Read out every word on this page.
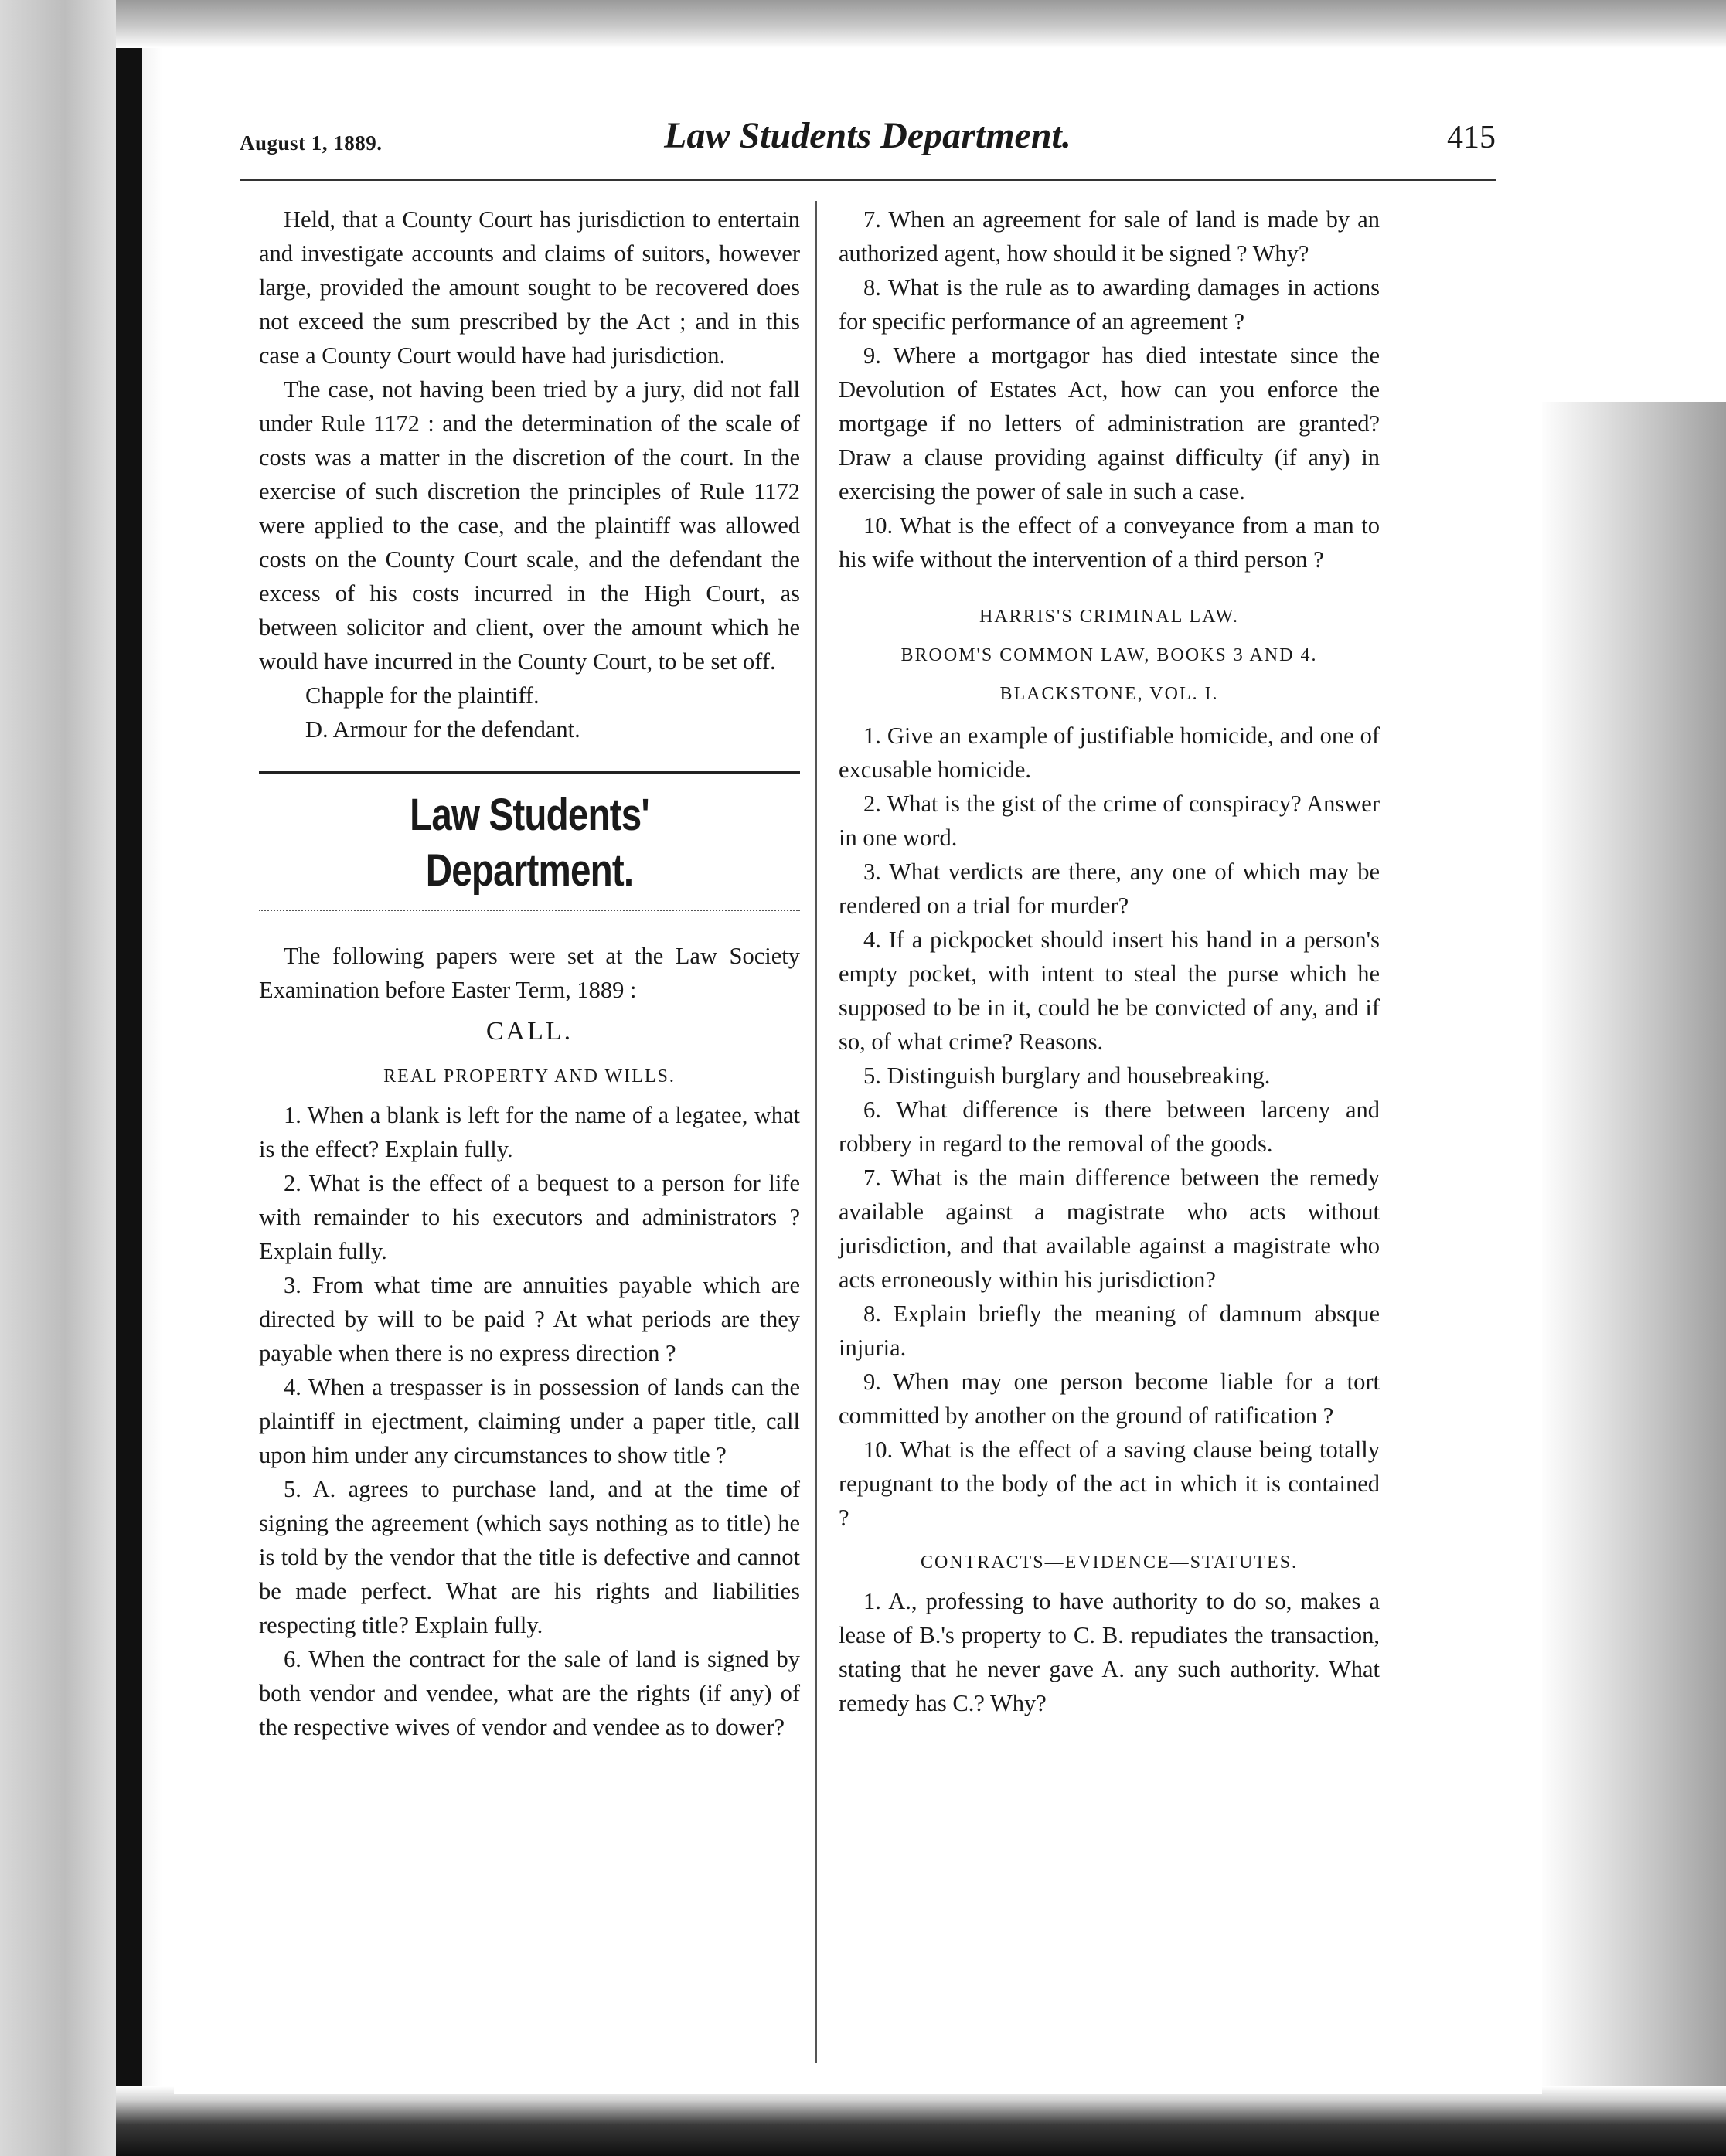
August 1, 1889.	Law Students Department.	415

Held, that a County Court has jurisdiction to entertain and investigate accounts and claims of suitors, however large, provided the amount sought to be recovered does not exceed the sum prescribed by the Act ; and in this case a County Court would have had jurisdiction.

The case, not having been tried by a jury, did not fall under Rule 1172 : and the determination of the scale of costs was a matter in the discretion of the court. In the exercise of such discretion the principles of Rule 1172 were applied to the case, and the plaintiff was allowed costs on the County Court scale, and the defendant the excess of his costs incurred in the High Court, as between solicitor and client, over the amount which he would have incurred in the County Court, to be set off.

Chapple for the plaintiff.

D. Armour for the defendant.

Law Students' Department.

The following papers were set at the Law Society Examination before Easter Term, 1889 :

CALL.

REAL PROPERTY AND WILLS.

1. When a blank is left for the name of a legatee, what is the effect? Explain fully.

2. What is the effect of a bequest to a person for life with remainder to his executors and administrators ? Explain fully.

3. From what time are annuities payable which are directed by will to be paid ? At what periods are they payable when there is no express direction ?

4. When a trespasser is in possession of lands can the plaintiff in ejectment, claiming under a paper title, call upon him under any circumstances to show title ?

5. A. agrees to purchase land, and at the time of signing the agreement (which says nothing as to title) he is told by the vendor that the title is defective and cannot be made perfect. What are his rights and liabilities respecting title? Explain fully.

6. When the contract for the sale of land is signed by both vendor and vendee, what are the rights (if any) of the respective wives of vendor and vendee as to dower?

7. When an agreement for sale of land is made by an authorized agent, how should it be signed ? Why?

8. What is the rule as to awarding damages in actions for specific performance of an agreement ?

9. Where a mortgagor has died intestate since the Devolution of Estates Act, how can you enforce the mortgage if no letters of administration are granted? Draw a clause providing against difficulty (if any) in exercising the power of sale in such a case.

10. What is the effect of a conveyance from a man to his wife without the intervention of a third person ?

HARRIS'S CRIMINAL LAW.

BROOM'S COMMON LAW, BOOKS 3 AND 4.

BLACKSTONE, VOL. I.

1. Give an example of justifiable homicide, and one of excusable homicide.

2. What is the gist of the crime of conspiracy? Answer in one word.

3. What verdicts are there, any one of which may be rendered on a trial for murder?

4. If a pickpocket should insert his hand in a person's empty pocket, with intent to steal the purse which he supposed to be in it, could he be convicted of any, and if so, of what crime? Reasons.

5. Distinguish burglary and housebreaking.

6. What difference is there between larceny and robbery in regard to the removal of the goods.

7. What is the main difference between the remedy available against a magistrate who acts without jurisdiction, and that available against a magistrate who acts erroneously within his jurisdiction?

8. Explain briefly the meaning of damnum absque injuria.

9. When may one person become liable for a tort committed by another on the ground of ratification ?

10. What is the effect of a saving clause being totally repugnant to the body of the act in which it is contained ?

CONTRACTS—EVIDENCE—STATUTES.

1. A., professing to have authority to do so, makes a lease of B.'s property to C. B. repudiates the transaction, stating that he never gave A. any such authority. What remedy has C.? Why?
